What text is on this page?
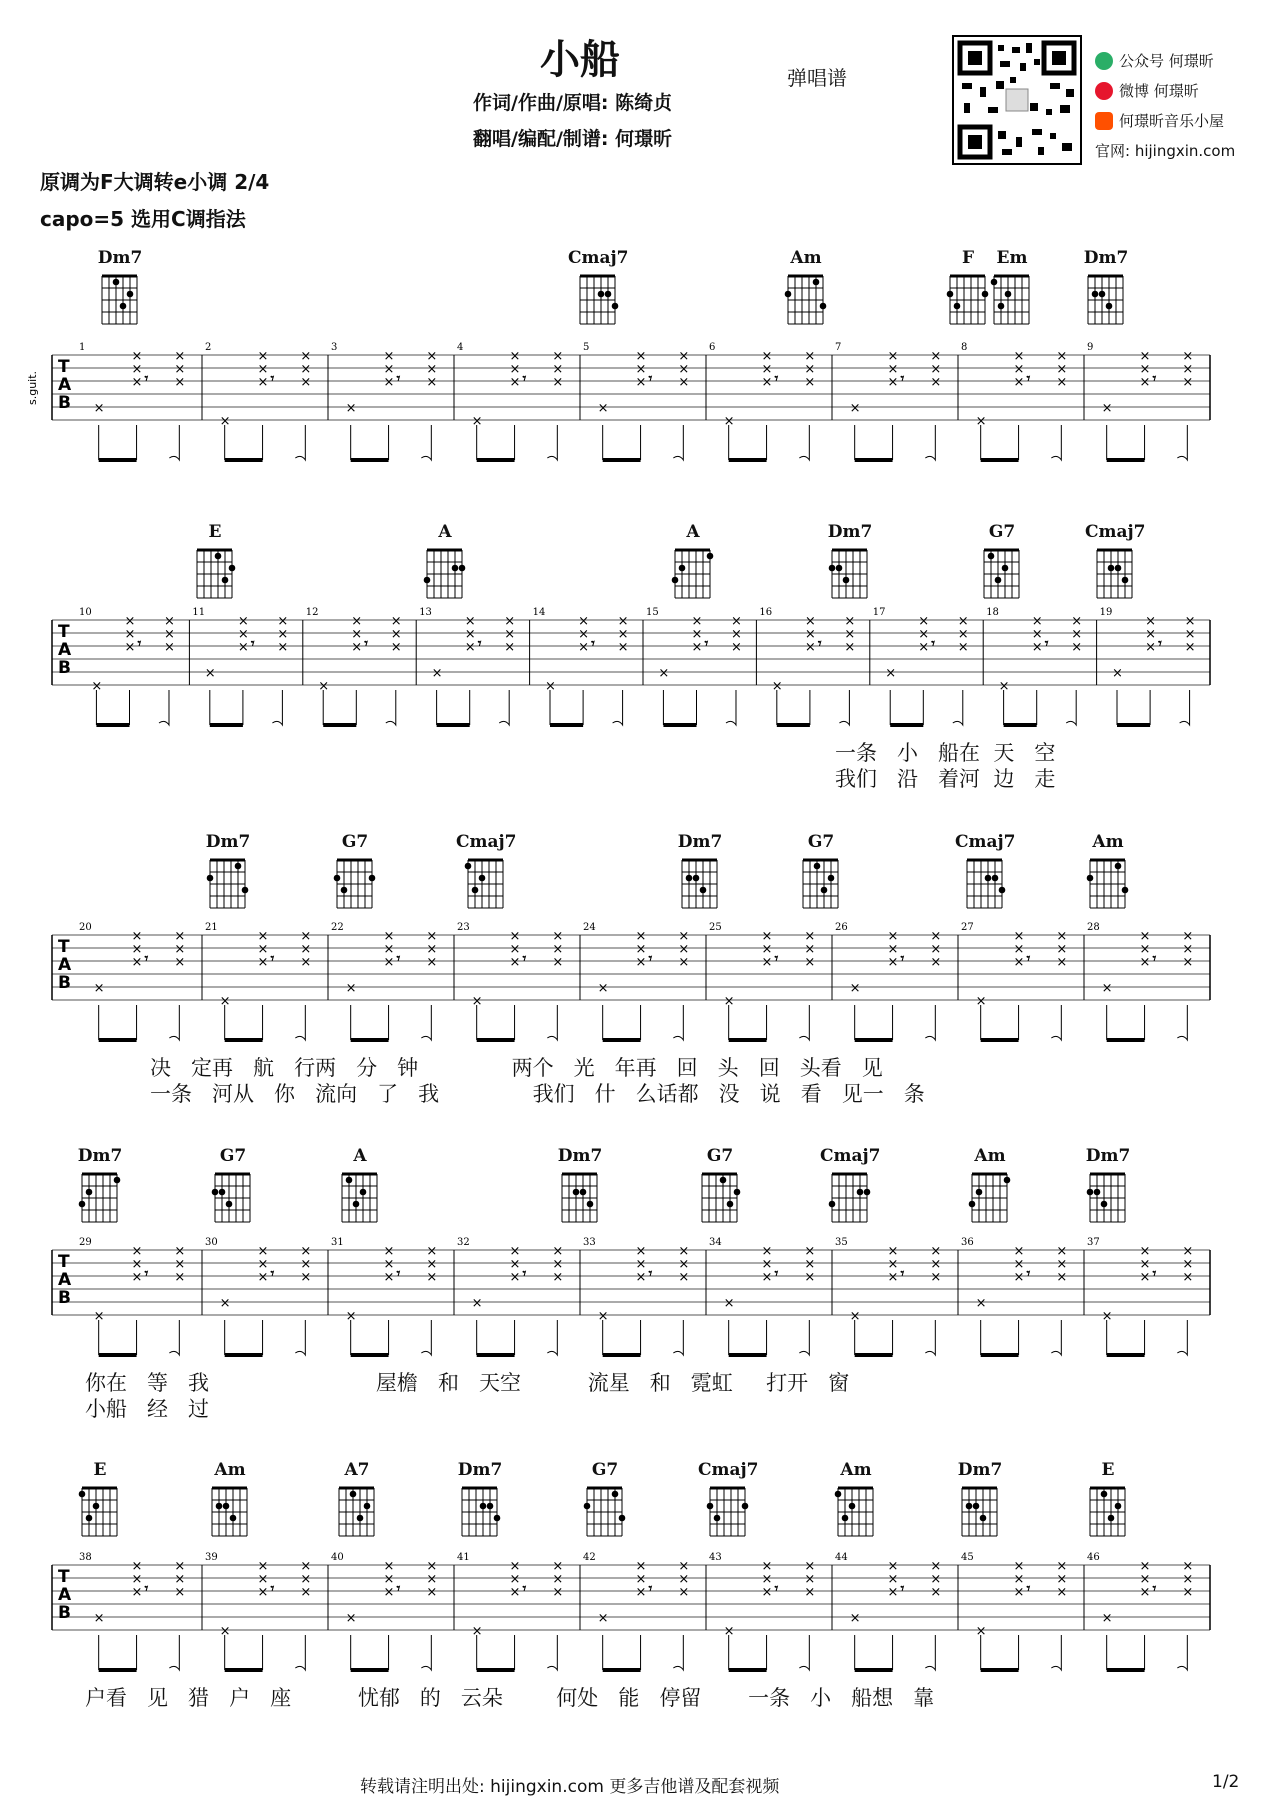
小船	弹唱谱
作词/作曲/原唱: 陈绮贞
翻唱/编配/制谱: 何璟昕
原调为F大调转e小调 2/4
capo=5 选用C调指法
公众号 何璟昕
微博 何璟昕
何璟昕音乐小屋
官网: hijingxin.com
Dm7	Cmaj7	Am	F	Em	Dm7
T
A
B
1
×
×
×
×
×
×
×
𝄾
2
×
×
×
×
×
×
×
𝄾
3
×
×
×
×
×
×
×
𝄾
4
×
×
×
×
×
×
×
𝄾
5
×
×
×
×
×
×
×
𝄾
6
×
×
×
×
×
×
×
𝄾
7
×
×
×
×
×
×
×
𝄾
8
×
×
×
×
×
×
×
𝄾
9
×
×
×
×
×
×
×
𝄾
s.guit.
E	A	A	Dm7	G7	Cmaj7
T
A
B
10
×
×
×
×
×
×
×
𝄾
11
×
×
×
×
×
×
×
𝄾
12
×
×
×
×
×
×
×
𝄾
13
×
×
×
×
×
×
×
𝄾
14
×
×
×
×
×
×
×
𝄾
15
×
×
×
×
×
×
×
𝄾
16
×
×
×
×
×
×
×
𝄾
17
×
×
×
×
×
×
×
𝄾
18
×
×
×
×
×
×
×
𝄾
19
×
×
×
×
×
×
×
𝄾
一条   小   船在  天   空
我们   沿   着河  边   走
Dm7	G7	Cmaj7	Dm7	G7	Cmaj7	Am
T
A
B
20
×
×
×
×
×
×
×
𝄾
21
×
×
×
×
×
×
×
𝄾
22
×
×
×
×
×
×
×
𝄾
23
×
×
×
×
×
×
×
𝄾
24
×
×
×
×
×
×
×
𝄾
25
×
×
×
×
×
×
×
𝄾
26
×
×
×
×
×
×
×
𝄾
27
×
×
×
×
×
×
×
𝄾
28
×
×
×
×
×
×
×
𝄾
决   定再   航   行两   分   钟              两个   光   年再   回   头   回   头看   见
一条   河从   你   流向   了   我              我们   什   么话都   没   说   看   见一   条
Dm7	G7	A	Dm7	G7	Cmaj7	Am	Dm7
T
A
B
29
×
×
×
×
×
×
×
𝄾
30
×
×
×
×
×
×
×
𝄾
31
×
×
×
×
×
×
×
𝄾
32
×
×
×
×
×
×
×
𝄾
33
×
×
×
×
×
×
×
𝄾
34
×
×
×
×
×
×
×
𝄾
35
×
×
×
×
×
×
×
𝄾
36
×
×
×
×
×
×
×
𝄾
37
×
×
×
×
×
×
×
𝄾
你在   等   我                         屋檐   和   天空          流星   和   霓虹     打开   窗
小船   经   过
E	Am	A7	Dm7	G7	Cmaj7	Am	Dm7	E
T
A
B
38
×
×
×
×
×
×
×
𝄾
39
×
×
×
×
×
×
×
𝄾
40
×
×
×
×
×
×
×
𝄾
41
×
×
×
×
×
×
×
𝄾
42
×
×
×
×
×
×
×
𝄾
43
×
×
×
×
×
×
×
𝄾
44
×
×
×
×
×
×
×
𝄾
45
×
×
×
×
×
×
×
𝄾
46
×
×
×
×
×
×
×
𝄾
户看   见   猎   户   座          忧郁   的   云朵        何处   能   停留       一条   小   船想   靠
转载请注明出处: hijingxin.com 更多吉他谱及配套视频	1/2
